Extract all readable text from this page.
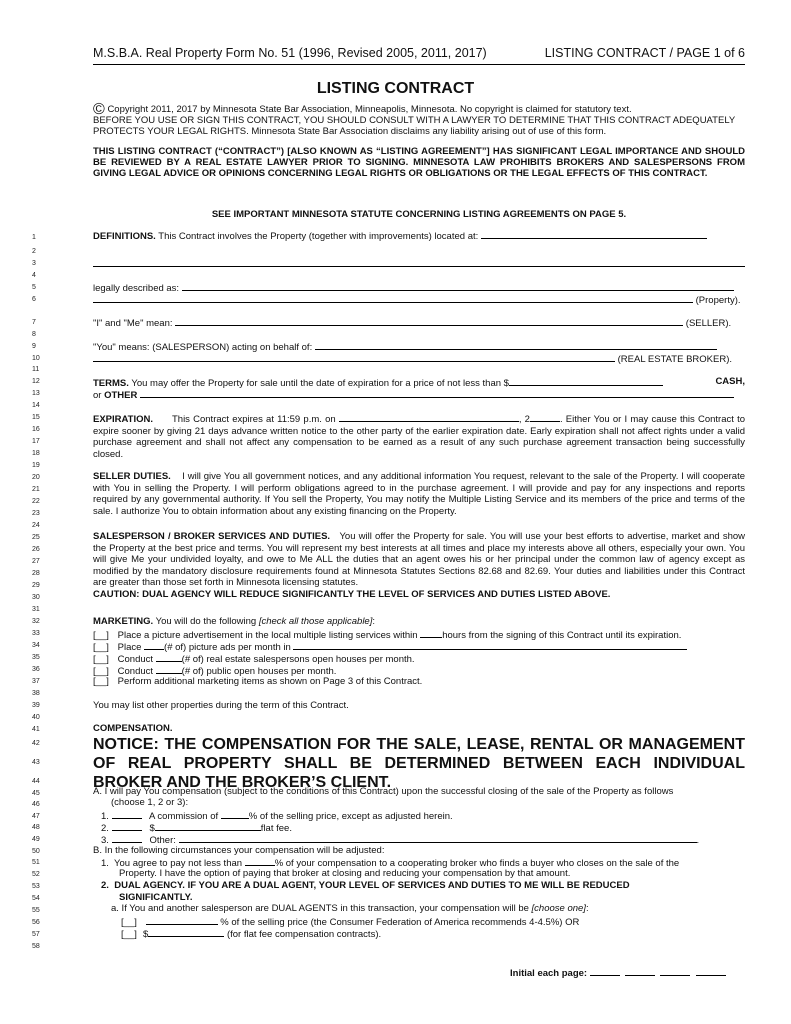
M.S.B.A. Real Property Form No. 51 (1996, Revised 2005, 2011, 2017)	LISTING CONTRACT / PAGE 1 of 6
LISTING CONTRACT
© Copyright 2011, 2017 by Minnesota State Bar Association, Minneapolis, Minnesota. No copyright is claimed for statutory text.
BEFORE YOU USE OR SIGN THIS CONTRACT, YOU SHOULD CONSULT WITH A LAWYER TO DETERMINE THAT THIS CONTRACT ADEQUATELY PROTECTS YOUR LEGAL RIGHTS. Minnesota State Bar Association disclaims any liability arising out of use of this form.
THIS LISTING CONTRACT (“CONTRACT”) [ALSO KNOWN AS “LISTING AGREEMENT”] HAS SIGNIFICANT LEGAL IMPORTANCE AND SHOULD BE REVIEWED BY A REAL ESTATE LAWYER PRIOR TO SIGNING. MINNESOTA LAW PROHIBITS BROKERS AND SALESPERSONS FROM GIVING LEGAL ADVICE OR OPINIONS CONCERNING LEGAL RIGHTS OR OBLIGATIONS OR THE LEGAL EFFECTS OF THIS CONTRACT.
SEE IMPORTANT MINNESOTA STATUTE CONCERNING LISTING AGREEMENTS ON PAGE 5.
1
2
3
4
5
6
7
8
9
10
11
12
13
14
15
16
17
18
19
20
21
22
23
24
25
26
27
28
29
30
31
32
33
34
35
36
37
38
39
40
41
42
43
44
45
46
47
48
49
50
51
52
53
54
55
56
57
58
DEFINITIONS. This Contract involves the Property (together with improvements) located at:
legally described as:
(Property).
"I" and "Me" mean:	(SELLER).
"You" means: (SALESPERSON) acting on behalf of:
(REAL ESTATE BROKER).
TERMS. You may offer the Property for sale until the date of expiration for a price of not less than $	CASH,
or OTHER
EXPIRATION. This Contract expires at 11:59 p.m. on	, 2	. Either You or I may cause this Contract to expire sooner by giving 21 days advance written notice to the other party of the earlier expiration date. Early expiration shall not affect rights under a valid purchase agreement and shall not affect any compensation to be earned as a result of any such purchase agreement transaction being successfully closed.
SELLER DUTIES. I will give You all government notices, and any additional information You request, relevant to the sale of the Property. I will cooperate with You in selling the Property. I will perform obligations agreed to in the purchase agreement. I will provide and pay for any inspections and reports required by any governmental authority. If You sell the Property, You may notify the Multiple Listing Service and its members of the price and terms of the sale. I authorize You to obtain information about any existing financing on the Property.
SALESPERSON / BROKER SERVICES AND DUTIES. You will offer the Property for sale. You will use your best efforts to advertise, market and show the Property at the best price and terms. You will represent my best interests at all times and place my interests above all others, especially your own. You will give Me your undivided loyalty, and owe to Me ALL the duties that an agent owes his or her principal under the common law of agency except as modified by the mandatory disclosure requirements found at Minnesota Statutes Sections 82.68 and 82.69. Your duties and liabilities under this Contract are greater than those set forth in Minnesota licensing statutes.
CAUTION: DUAL AGENCY WILL REDUCE SIGNIFICANTLY THE LEVEL OF SERVICES AND DUTIES LISTED ABOVE.
MARKETING. You will do the following [check all those applicable]:
[__] Place a picture advertisement in the local multiple listing services within	hours from the signing of this Contract until its expiration.
[__] Place (# of) picture ads per month in
[__] Conduct	(# of) real estate salespersons open houses per month.
[__] Conduct	(# of) public open houses per month.
[__] Perform additional marketing items as shown on Page 3 of this Contract.
You may list other properties during the term of this Contract.
COMPENSATION.
NOTICE: THE COMPENSATION FOR THE SALE, LEASE, RENTAL OR MANAGEMENT OF REAL PROPERTY SHALL BE DETERMINED BETWEEN EACH INDIVIDUAL BROKER AND THE BROKER’S CLIENT.
A. I will pay You compensation (subject to the conditions of this Contract) upon the successful closing of the sale of the Property as follows
(choose 1, 2 or 3):
1.	A commission of	% of the selling price, except as adjusted herein.
2.	$	flat fee.
3.	Other:	.
B. In the following circumstances your compensation will be adjusted:
1. You agree to pay not less than	% of your compensation to a cooperating broker who finds a buyer who closes on the sale of the
Property. I have the option of paying that broker at closing and reducing your compensation by that amount.
2. DUAL AGENCY. IF YOU ARE A DUAL AGENT, YOUR LEVEL OF SERVICES AND DUTIES TO ME WILL BE REDUCED
SIGNIFICANTLY.
a. If You and another salesperson are DUAL AGENTS in this transaction, your compensation will be [choose one]:
[__]	% of the selling price (the Consumer Federation of America recommends 4-4.5%) OR
[__] $	(for flat fee compensation contracts).
Initial each page:
